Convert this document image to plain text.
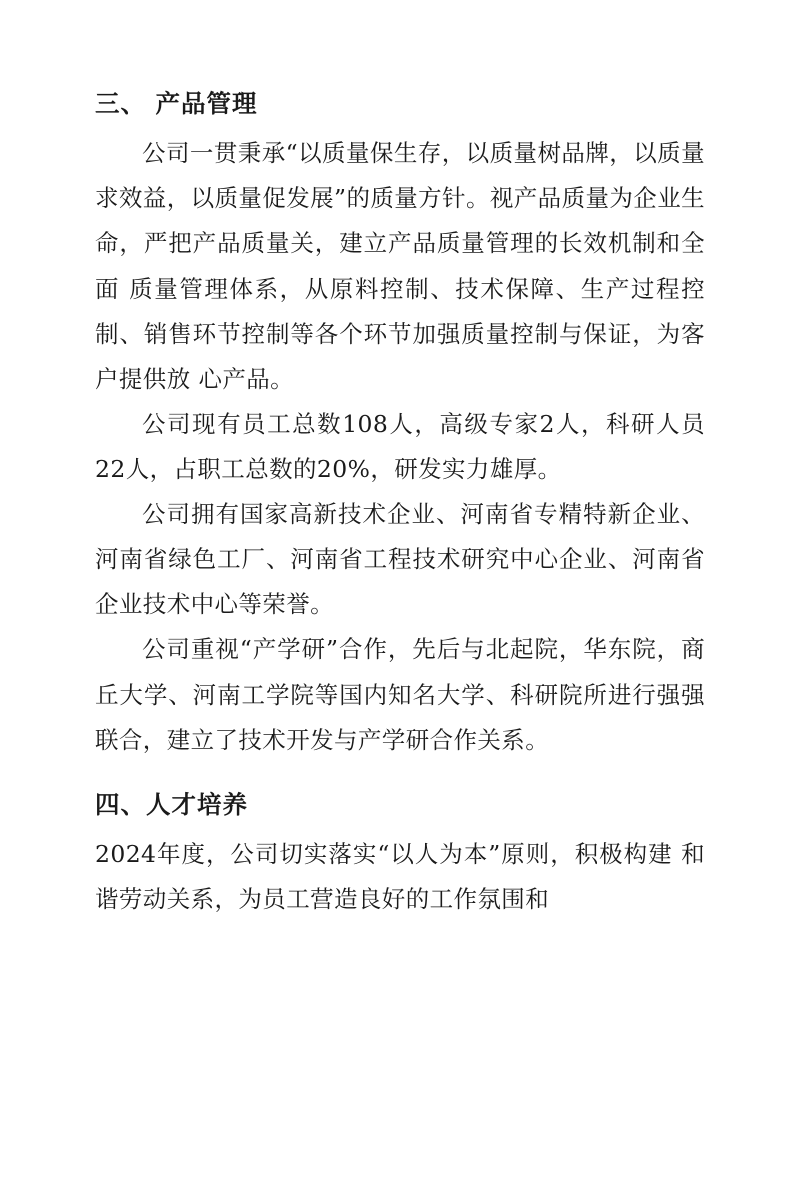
三、 产品管理

公司一贯秉承“以质量保生存，以质量树品牌，以质量求效益，以质量促发展”的质量方针。视产品质量为企业生命，严把产品质量关，建立产品质量管理的长效机制和全面 质量管理体系，从原料控制、技术保障、生产过程控制、销售环节控制等各个环节加强质量控制与保证，为客户提供放 心产品。

公司现有员工总数108人，高级专家2人，科研人员22人，占职工总数的20%，研发实力雄厚。

公司拥有国家高新技术企业、河南省专精特新企业、河南省绿色工厂、河南省工程技术研究中心企业、河南省企业技术中心等荣誉。

公司重视“产学研”合作，先后与北起院，华东院，商丘大学、河南工学院等国内知名大学、科研院所进行强强联合，建立了技术开发与产学研合作关系。

四、人才培养

2024年度，公司切实落实“以人为本”原则，积极构建 和谐劳动关系，为员工营造良好的工作氛围和
